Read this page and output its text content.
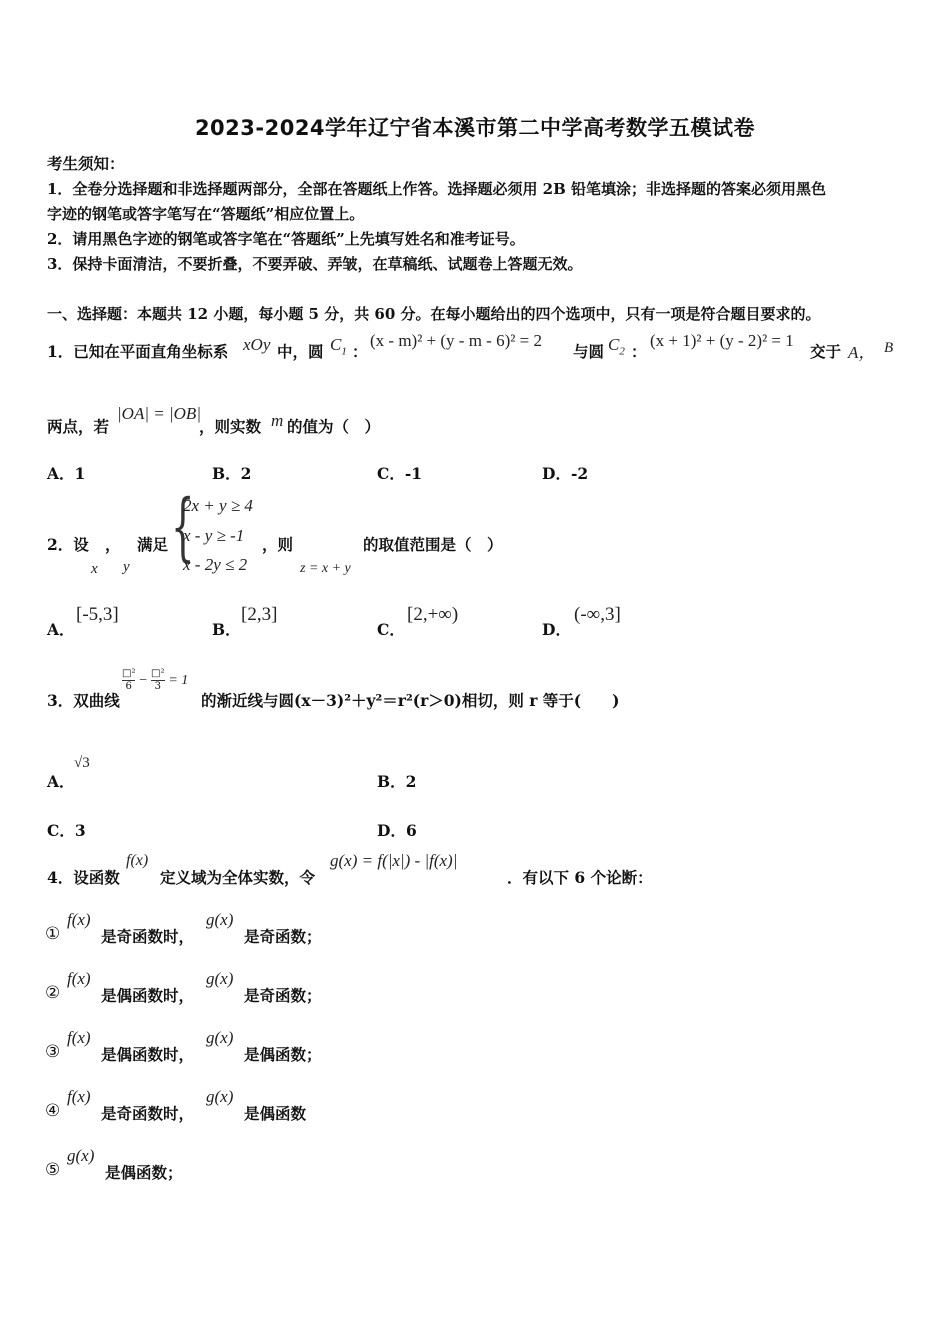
2023-2024学年辽宁省本溪市第二中学高考数学五模试卷
考生须知：
1．全卷分选择题和非选择题两部分，全部在答题纸上作答。选择题必须用 2B 铅笔填涂；非选择题的答案必须用黑色
字迹的钢笔或答字笔写在“答题纸”相应位置上。
2．请用黑色字迹的钢笔或答字笔在“答题纸”上先填写姓名和准考证号。
3．保持卡面清洁，不要折叠，不要弄破、弄皱，在草稿纸、试题卷上答题无效。
一、选择题：本题共 12 小题，每小题 5 分，共 60 分。在每小题给出的四个选项中，只有一项是符合题目要求的。
1．已知在平面直角坐标系 xOy 中，圆 $C_1$ ：
(x - m)² + (y - m - 6)² = 2
与圆 $C_2$ ：
(x + 1)² + (y - 2)² = 1
交于 A， B
两点，若
|OA| = |OB|
，则实数 m 的值为（　）
A．1	B．2	C．-1	D．-2
2．设 ， 满足
x y {
2x + y ≥ 4
x - y ≥ -1
x - 2y ≤ 2
，则
z = x + y
的取值范围是（　）
A．
[-5,3]
B．
[2,3]
C．
[2,+∞)
D．
(-∞,3]
3．双曲线
$\frac{\text{□²}}{6} - \frac{\text{□²}}{3} = 1$
的渐近线与圆(x－3)²＋y²＝r²(r＞0)相切，则 r 等于(　　)
A．
√3
B．2
C．3	D．6
4．设函数
f(x)
定义域为全体实数，令
g(x) = f(|x|) - |f(x)|
．有以下 6 个论断：
①
f(x)
是奇函数时，
g(x)
是奇函数；
②
f(x)
是偶函数时，
g(x)
是奇函数；
③
f(x)
是偶函数时，
g(x)
是偶函数；
④
f(x)
是奇函数时，
g(x)
是偶函数
⑤
g(x)
是偶函数；
